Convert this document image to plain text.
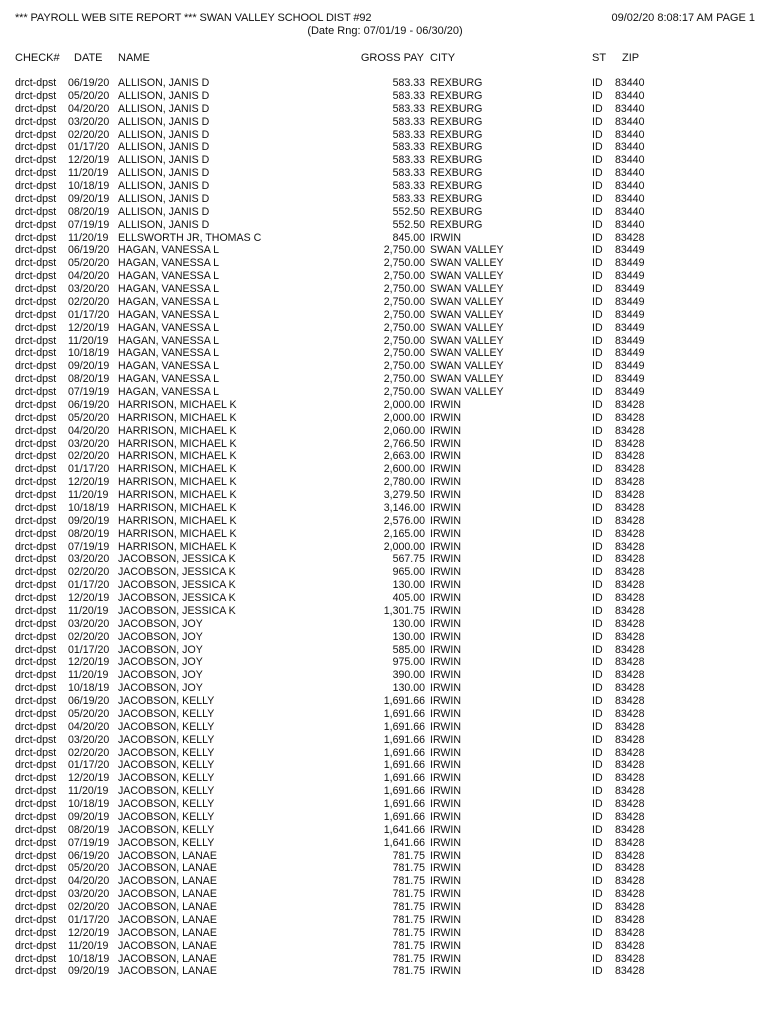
*** PAYROLL WEB SITE REPORT *** SWAN VALLEY SCHOOL DIST #92	09/02/20 8:08:17 AM PAGE 1
(Date Rng: 07/01/19 - 06/30/20)
CHECK# DATE NAME	GROSS PAY CITY	ST ZIP
drct-dpst 06/19/20 ALLISON, JANIS D	583.33 REXBURG	ID 83440
drct-dpst 05/20/20 ALLISON, JANIS D	583.33 REXBURG	ID 83440
drct-dpst 04/20/20 ALLISON, JANIS D	583.33 REXBURG	ID 83440
drct-dpst 03/20/20 ALLISON, JANIS D	583.33 REXBURG	ID 83440
drct-dpst 02/20/20 ALLISON, JANIS D	583.33 REXBURG	ID 83440
drct-dpst 01/17/20 ALLISON, JANIS D	583.33 REXBURG	ID 83440
drct-dpst 12/20/19 ALLISON, JANIS D	583.33 REXBURG	ID 83440
drct-dpst 11/20/19 ALLISON, JANIS D	583.33 REXBURG	ID 83440
drct-dpst 10/18/19 ALLISON, JANIS D	583.33 REXBURG	ID 83440
drct-dpst 09/20/19 ALLISON, JANIS D	583.33 REXBURG	ID 83440
drct-dpst 08/20/19 ALLISON, JANIS D	552.50 REXBURG	ID 83440
drct-dpst 07/19/19 ALLISON, JANIS D	552.50 REXBURG	ID 83440
drct-dpst 11/20/19 ELLSWORTH JR, THOMAS C	845.00 IRWIN	ID 83428
drct-dpst 06/19/20 HAGAN, VANESSA L	2,750.00 SWAN VALLEY	ID 83449
drct-dpst 05/20/20 HAGAN, VANESSA L	2,750.00 SWAN VALLEY	ID 83449
drct-dpst 04/20/20 HAGAN, VANESSA L	2,750.00 SWAN VALLEY	ID 83449
drct-dpst 03/20/20 HAGAN, VANESSA L	2,750.00 SWAN VALLEY	ID 83449
drct-dpst 02/20/20 HAGAN, VANESSA L	2,750.00 SWAN VALLEY	ID 83449
drct-dpst 01/17/20 HAGAN, VANESSA L	2,750.00 SWAN VALLEY	ID 83449
drct-dpst 12/20/19 HAGAN, VANESSA L	2,750.00 SWAN VALLEY	ID 83449
drct-dpst 11/20/19 HAGAN, VANESSA L	2,750.00 SWAN VALLEY	ID 83449
drct-dpst 10/18/19 HAGAN, VANESSA L	2,750.00 SWAN VALLEY	ID 83449
drct-dpst 09/20/19 HAGAN, VANESSA L	2,750.00 SWAN VALLEY	ID 83449
drct-dpst 08/20/19 HAGAN, VANESSA L	2,750.00 SWAN VALLEY	ID 83449
drct-dpst 07/19/19 HAGAN, VANESSA L	2,750.00 SWAN VALLEY	ID 83449
drct-dpst 06/19/20 HARRISON, MICHAEL K	2,000.00 IRWIN	ID 83428
drct-dpst 05/20/20 HARRISON, MICHAEL K	2,000.00 IRWIN	ID 83428
drct-dpst 04/20/20 HARRISON, MICHAEL K	2,060.00 IRWIN	ID 83428
drct-dpst 03/20/20 HARRISON, MICHAEL K	2,766.50 IRWIN	ID 83428
drct-dpst 02/20/20 HARRISON, MICHAEL K	2,663.00 IRWIN	ID 83428
drct-dpst 01/17/20 HARRISON, MICHAEL K	2,600.00 IRWIN	ID 83428
drct-dpst 12/20/19 HARRISON, MICHAEL K	2,780.00 IRWIN	ID 83428
drct-dpst 11/20/19 HARRISON, MICHAEL K	3,279.50 IRWIN	ID 83428
drct-dpst 10/18/19 HARRISON, MICHAEL K	3,146.00 IRWIN	ID 83428
drct-dpst 09/20/19 HARRISON, MICHAEL K	2,576.00 IRWIN	ID 83428
drct-dpst 08/20/19 HARRISON, MICHAEL K	2,165.00 IRWIN	ID 83428
drct-dpst 07/19/19 HARRISON, MICHAEL K	2,000.00 IRWIN	ID 83428
drct-dpst 03/20/20 JACOBSON, JESSICA K	567.75 IRWIN	ID 83428
drct-dpst 02/20/20 JACOBSON, JESSICA K	965.00 IRWIN	ID 83428
drct-dpst 01/17/20 JACOBSON, JESSICA K	130.00 IRWIN	ID 83428
drct-dpst 12/20/19 JACOBSON, JESSICA K	405.00 IRWIN	ID 83428
drct-dpst 11/20/19 JACOBSON, JESSICA K	1,301.75 IRWIN	ID 83428
drct-dpst 03/20/20 JACOBSON, JOY	130.00 IRWIN	ID 83428
drct-dpst 02/20/20 JACOBSON, JOY	130.00 IRWIN	ID 83428
drct-dpst 01/17/20 JACOBSON, JOY	585.00 IRWIN	ID 83428
drct-dpst 12/20/19 JACOBSON, JOY	975.00 IRWIN	ID 83428
drct-dpst 11/20/19 JACOBSON, JOY	390.00 IRWIN	ID 83428
drct-dpst 10/18/19 JACOBSON, JOY	130.00 IRWIN	ID 83428
drct-dpst 06/19/20 JACOBSON, KELLY	1,691.66 IRWIN	ID 83428
drct-dpst 05/20/20 JACOBSON, KELLY	1,691.66 IRWIN	ID 83428
drct-dpst 04/20/20 JACOBSON, KELLY	1,691.66 IRWIN	ID 83428
drct-dpst 03/20/20 JACOBSON, KELLY	1,691.66 IRWIN	ID 83428
drct-dpst 02/20/20 JACOBSON, KELLY	1,691.66 IRWIN	ID 83428
drct-dpst 01/17/20 JACOBSON, KELLY	1,691.66 IRWIN	ID 83428
drct-dpst 12/20/19 JACOBSON, KELLY	1,691.66 IRWIN	ID 83428
drct-dpst 11/20/19 JACOBSON, KELLY	1,691.66 IRWIN	ID 83428
drct-dpst 10/18/19 JACOBSON, KELLY	1,691.66 IRWIN	ID 83428
drct-dpst 09/20/19 JACOBSON, KELLY	1,691.66 IRWIN	ID 83428
drct-dpst 08/20/19 JACOBSON, KELLY	1,641.66 IRWIN	ID 83428
drct-dpst 07/19/19 JACOBSON, KELLY	1,641.66 IRWIN	ID 83428
drct-dpst 06/19/20 JACOBSON, LANAE	781.75 IRWIN	ID 83428
drct-dpst 05/20/20 JACOBSON, LANAE	781.75 IRWIN	ID 83428
drct-dpst 04/20/20 JACOBSON, LANAE	781.75 IRWIN	ID 83428
drct-dpst 03/20/20 JACOBSON, LANAE	781.75 IRWIN	ID 83428
drct-dpst 02/20/20 JACOBSON, LANAE	781.75 IRWIN	ID 83428
drct-dpst 01/17/20 JACOBSON, LANAE	781.75 IRWIN	ID 83428
drct-dpst 12/20/19 JACOBSON, LANAE	781.75 IRWIN	ID 83428
drct-dpst 11/20/19 JACOBSON, LANAE	781.75 IRWIN	ID 83428
drct-dpst 10/18/19 JACOBSON, LANAE	781.75 IRWIN	ID 83428
drct-dpst 09/20/19 JACOBSON, LANAE	781.75 IRWIN	ID 83428
